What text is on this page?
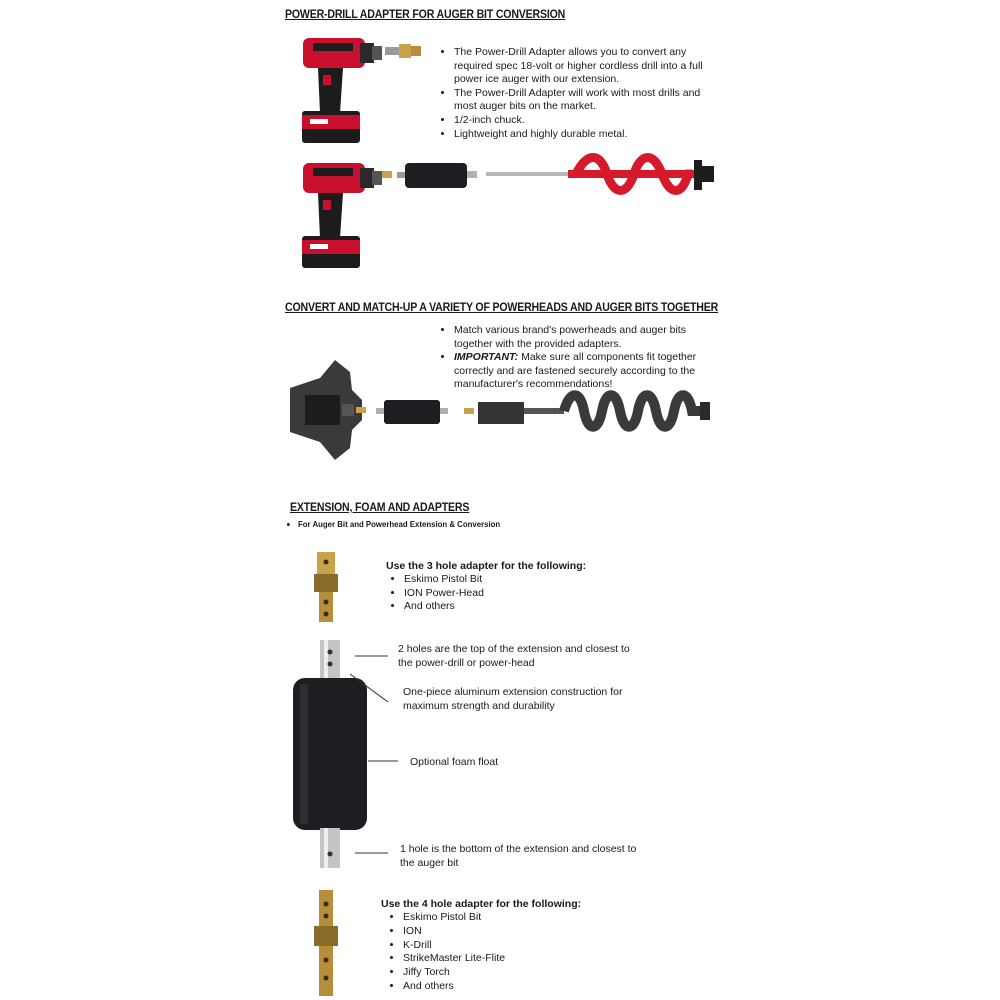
POWER-DRILL ADAPTER FOR AUGER BIT CONVERSION
• The Power-Drill Adapter allows you to convert any required spec 18-volt or higher cordless drill into a full power ice auger with our extension.
• The Power-Drill Adapter will work with most drills and most auger bits on the market.
• 1/2-inch chuck.
• Lightweight and highly durable metal.
CONVERT AND MATCH-UP A VARIETY OF POWERHEADS AND AUGER BITS TOGETHER
• Match various brand's powerheads and auger bits together with the provided adapters.
• IMPORTANT: Make sure all components fit together correctly and are fastened securely according to the manufacturer's recommendations!
EXTENSION, FOAM AND ADAPTERS
• For Auger Bit and Powerhead Extension & Conversion
Use the 3 hole adapter for the following:
• Eskimo Pistol Bit
• ION Power-Head
• And others
2 holes are the top of the extension and closest to the power-drill or power-head
One-piece aluminum extension construction for maximum strength and durability
Optional foam float
1 hole is the bottom of the extension and closest to the auger bit
Use the 4 hole adapter for the following:
• Eskimo Pistol Bit
• ION
• K-Drill
• StrikeMaster Lite-Flite
• Jiffy Torch
• And others
